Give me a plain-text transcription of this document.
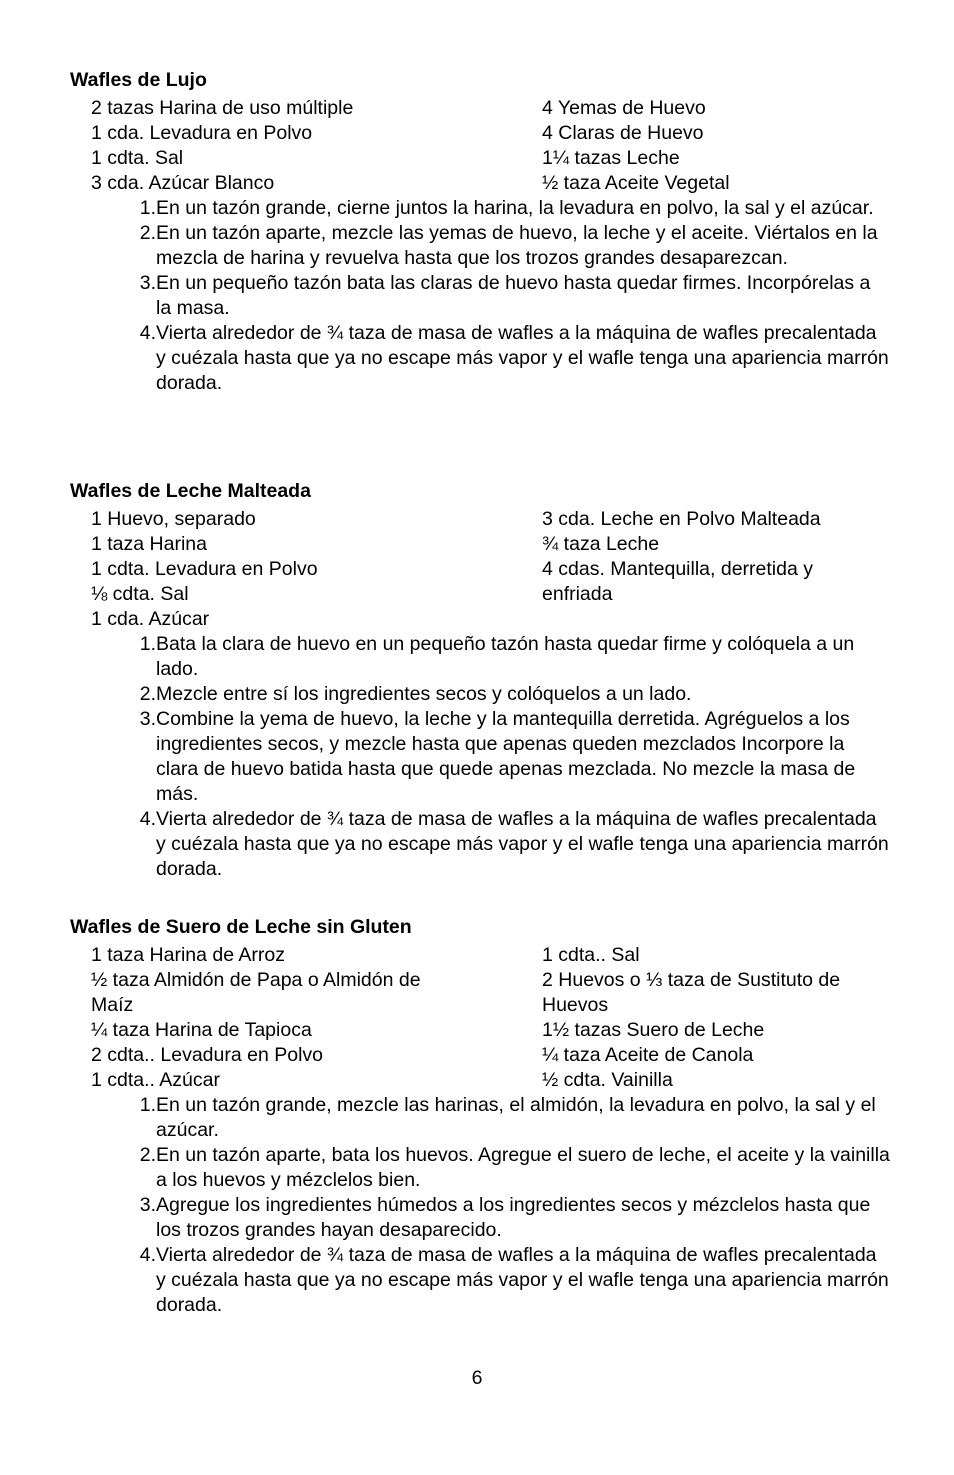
Wafles de Lujo
2 tazas Harina de uso múltiple
1 cda. Levadura en Polvo
1 cdta. Sal
3 cda. Azúcar Blanco
4 Yemas de Huevo
4 Claras de Huevo
1¼ tazas Leche
½ taza Aceite Vegetal
1. En un tazón grande, cierne juntos la harina, la levadura en polvo, la sal y el azúcar.
2. En un tazón aparte, mezcle las yemas de huevo, la leche y el aceite. Viértalos en la mezcla de harina y revuelva hasta que los trozos grandes desaparezcan.
3. En un pequeño tazón bata las claras de huevo hasta quedar firmes. Incorpórelas a la masa.
4. Vierta alrededor de ¾ taza de masa de wafles a la máquina de wafles precalentada y cuézala hasta que ya no escape más vapor y el wafle tenga una apariencia marrón dorada.
Wafles de Leche Malteada
1 Huevo, separado
1 taza Harina
1 cdta. Levadura en Polvo
⅛ cdta. Sal
1 cda. Azúcar
3 cda. Leche en Polvo Malteada
¾ taza Leche
4 cdas. Mantequilla, derretida y enfriada
1. Bata la clara de huevo en un pequeño tazón hasta quedar firme y colóquela a un lado.
2. Mezcle entre sí los ingredientes secos y colóquelos a un lado.
3. Combine la yema de huevo, la leche y la mantequilla derretida. Agréguelos a los ingredientes secos, y mezcle hasta que apenas queden mezclados Incorpore la clara de huevo batida hasta que quede apenas mezclada. No mezcle la masa de más.
4. Vierta alrededor de ¾ taza de masa de wafles a la máquina de wafles precalentada y cuézala hasta que ya no escape más vapor y el wafle tenga una apariencia marrón dorada.
Wafles de Suero de Leche sin Gluten
1 taza Harina de Arroz
½ taza Almidón de Papa o Almidón de Maíz
¼ taza Harina de Tapioca
2 cdta.. Levadura en Polvo
1 cdta.. Azúcar
1 cdta.. Sal
2 Huevos o ⅓ taza de Sustituto de Huevos
1½ tazas Suero de Leche
¼ taza Aceite de Canola
½ cdta. Vainilla
1. En un tazón grande, mezcle las harinas, el almidón, la levadura en polvo, la sal y el azúcar.
2. En un tazón aparte, bata los huevos. Agregue el suero de leche, el aceite y la vainilla a los huevos y mézclelos bien.
3. Agregue los ingredientes húmedos a los ingredientes secos y mézclelos hasta que los trozos grandes hayan desaparecido.
4. Vierta alrededor de ¾ taza de masa de wafles a la máquina de wafles precalentada y cuézala hasta que ya no escape más vapor y el wafle tenga una apariencia marrón dorada.
6
